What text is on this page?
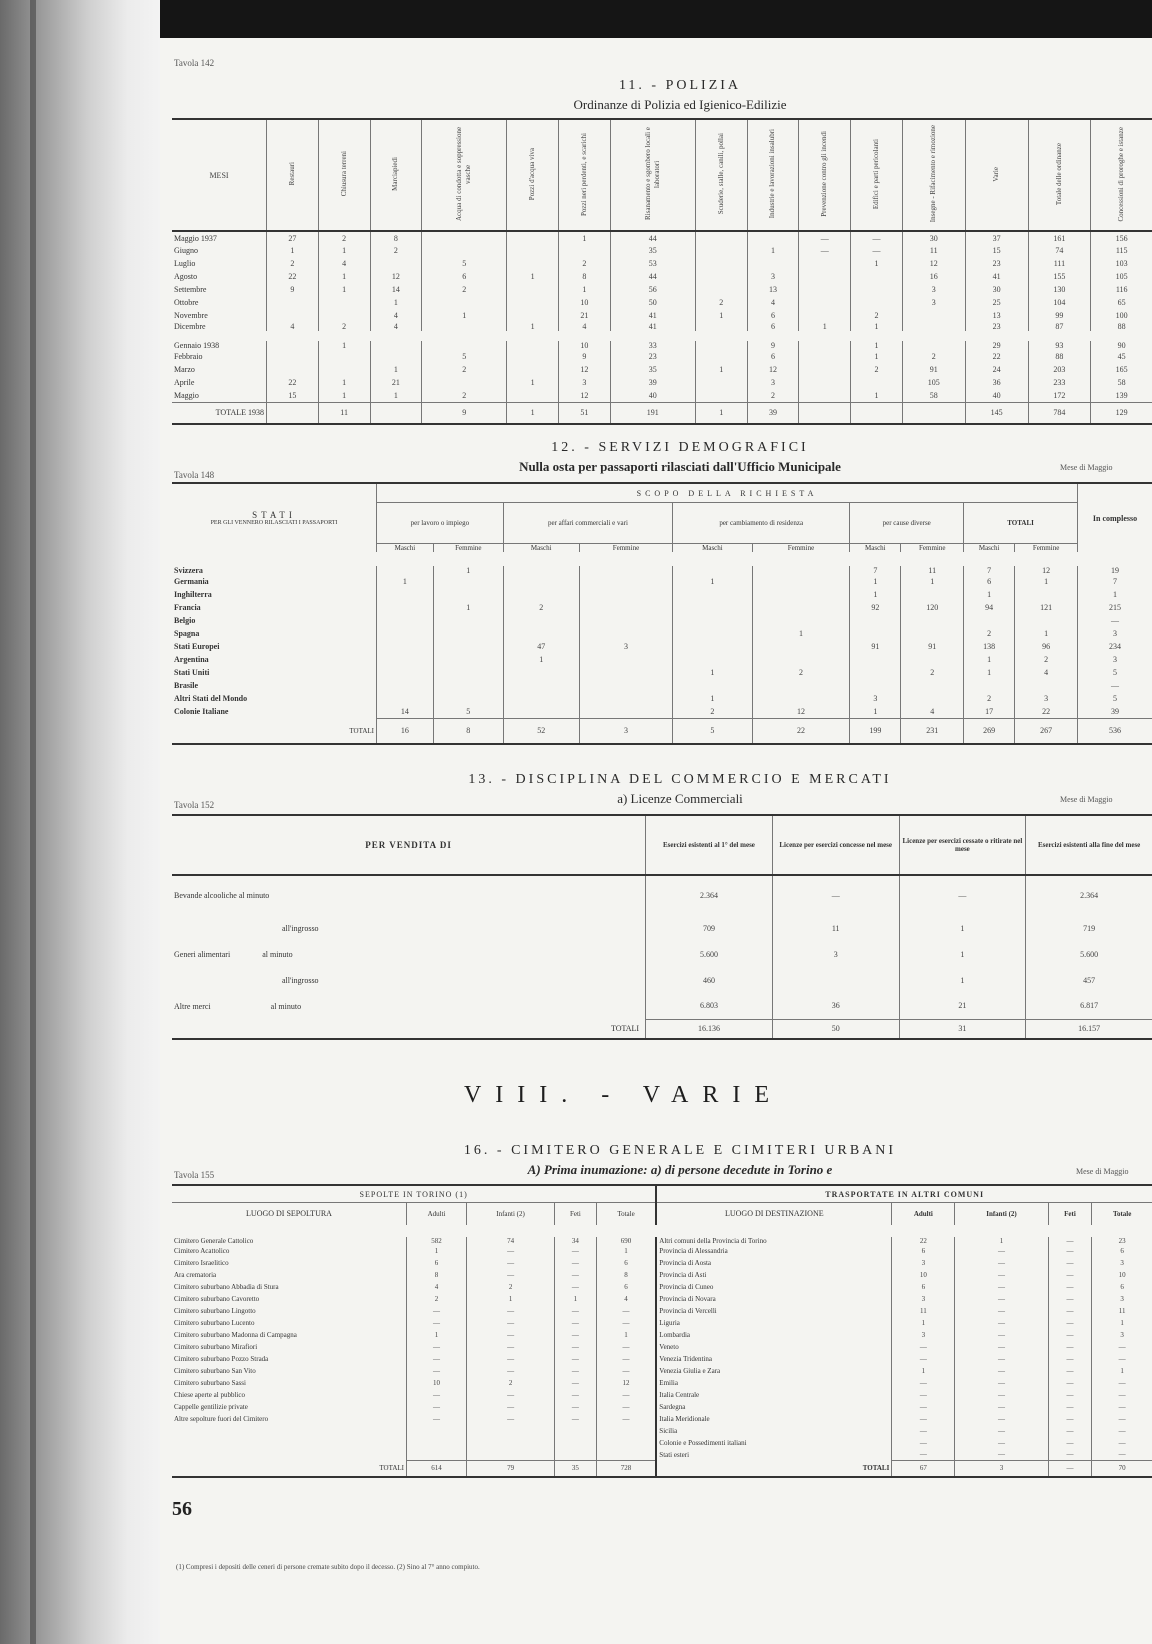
Tavola 142
11. - POLIZIA
Ordinanze di Polizia ed Igienico-Edilizie
MESI	Restauri	Chiusura terreni	Marciapiedi	Acqua di condotta e soppressione vasche	Pozzi d'acqua viva	Pozzi neri perdenti, e scarichi	Risanamento e sgombero locali e laboratori	Scuderie, stalle, canili, pollai	Industrie e lavorazioni insalubri	Prevenzione contro gli incendi	Edifici e parti pericolanti	Insegne - Rifacimento e rimozione	Varie	Totale delle ordinanze	Concessioni di proroghe e istanze
Maggio 1937	27	2	8			1	44			—	—	30	37	161	156
Giugno	1	1	2				35		1	—	—	11	15	74	115
Luglio	2	4		5		2	53				1	12	23	111	103
Agosto	22	1	12	6	1	8	44		3			16	41	155	105
Settembre	9	1	14	2		1	56		13			3	30	130	116
Ottobre			1			10	50	2	4			3	25	104	65
Novembre			4	1		21	41	1	6		2		13	99	100
Dicembre	4	2	4		1	4	41		6	1	1		23	87	88
Gennaio 1938		1				10	33		9		1		29	93	90
Febbraio				5		9	23		6		1	2	22	88	45
Marzo			1	2		12	35	1	12		2	91	24	203	165
Aprile	22	1	21		1	3	39		3			105	36	233	58
Maggio	15	1	1	2		12	40		2		1	58	40	172	139
TOTALE 1938		11		9	1	51	191	1	39				145	784	129
12. - SERVIZI DEMOGRAFICI
Tavola 148
Nulla osta per passaporti rilasciati dall'Ufficio Municipale	Mese di Maggio
STATI
PER GLI VENNERO RILASCIATI I PASSAPORTI	SCOPO DELLA RICHIESTA										In complesso
	per lavoro o impiego		per affari commerciali e vari		per cambiamento di residenza		per cause diverse		TOTALI		
	Maschi	Femmine	Maschi	Femmine	Maschi	Femmine	Maschi	Femmine	Maschi	Femmine	
Svizzera		1					7	11	7	12	19
Germania	1				1		1	1	6	1	7
Inghilterra							1		1		1
Francia		1	2				92	120	94	121	215
Belgio											—
Spagna						1			2	1	3
Stati Europei			47	3			91	91	138	96	234
Argentina			1						1	2	3
Stati Uniti					1	2		2	1	4	5
Brasile											—
Altri Stati del Mondo					1		3		2	3	5
Colonie Italiane	14	5			2	12	1	4	17	22	39
TOTALI	16	8	52	3	5	22	199	231	269	267	536
13. - DISCIPLINA DEL COMMERCIO E MERCATI
Tavola 152	a) Licenze Commerciali	Mese di Maggio
PER VENDITA DI	Esercizi esistenti al 1° del mese	Licenze per esercizi concesse nel mese	Licenze per esercizi cessate o ritirate nel mese	Esercizi esistenti alla fine del mese
Bevande alcooliche al minuto	2.364	—	—	2.364
all'ingrosso	709	11	1	719
Generi alimentari al minuto	5.600	3	1	5.600
all'ingrosso	460		1	457
Altre merci al minuto	6.803	36	21	6.817
TOTALI	16.136	50	31	16.157
VIII. - VARIE
16. - CIMITERO GENERALE E CIMITERI URBANI
Tavola 155	A) Prima inumazione: a) di persone decedute in Torino e	Mese di Maggio
SEPOLTE IN TORINO (1)					TRASPORTATE IN ALTRI COMUNI				
LUOGO DI SEPOLTURA	Adulti	Infanti (2)	Feti	Totale	LUOGO DI DESTINAZIONE	Adulti	Infanti (2)	Feti	Totale
Cimitero Generale Cattolico	582	74	34	690	Altri comuni della Provincia di Torino	22	1	—	23
Cimitero Acattolico	1	—	—	1	Provincia di Alessandria	6	—	—	6
Cimitero Israelitico	6	—	—	6	Provincia di Aosta	3	—	—	3
Ara crematoria	8	—	—	8	Provincia di Asti	10	—	—	10
Cimitero suburbano Abbadia di Stura	4	2	—	6	Provincia di Cuneo	6	—	—	6
Cimitero suburbano Cavoretto	2	1	1	4	Provincia di Novara	3	—	—	3
Cimitero suburbano Lingotto	—	—	—	—	Provincia di Vercelli	11	—	—	11
Cimitero suburbano Lucento	—	—	—	—	Liguria	1	—	—	1
Cimitero suburbano Madonna di Campagna	1	—	—	1	Lombardia	3	—	—	3
Cimitero suburbano Mirafiori	—	—	—	—	Veneto	—	—	—	—
Cimitero suburbano Pozzo Strada	—	—	—	—	Venezia Tridentina	—	—	—	—
Cimitero suburbano San Vito	—	—	—	—	Venezia Giulia e Zara	1	—	—	1
Cimitero suburbano Sassi	10	2	—	12	Emilia	—	—	—	—
Chiese aperte al pubblico	—	—	—	—	Italia Centrale	—	—	—	—
Cappelle gentilizie private	—	—	—	—	Sardegna	—	—	—	—
Altre sepolture fuori del Cimitero	—	—	—	—	Italia Meridionale	—	—	—	—
					Sicilia	—	—	—	—
					Colonie e Possedimenti italiani	—	—	—	—
					Stati esteri	—	—	—	—
TOTALI	614	79	35	728	TOTALI	67	3	—	70
(1) Compresi i depositi delle ceneri di persone cremate subito dopo il decesso. (2) Sino al 7° anno compiuto.
56
